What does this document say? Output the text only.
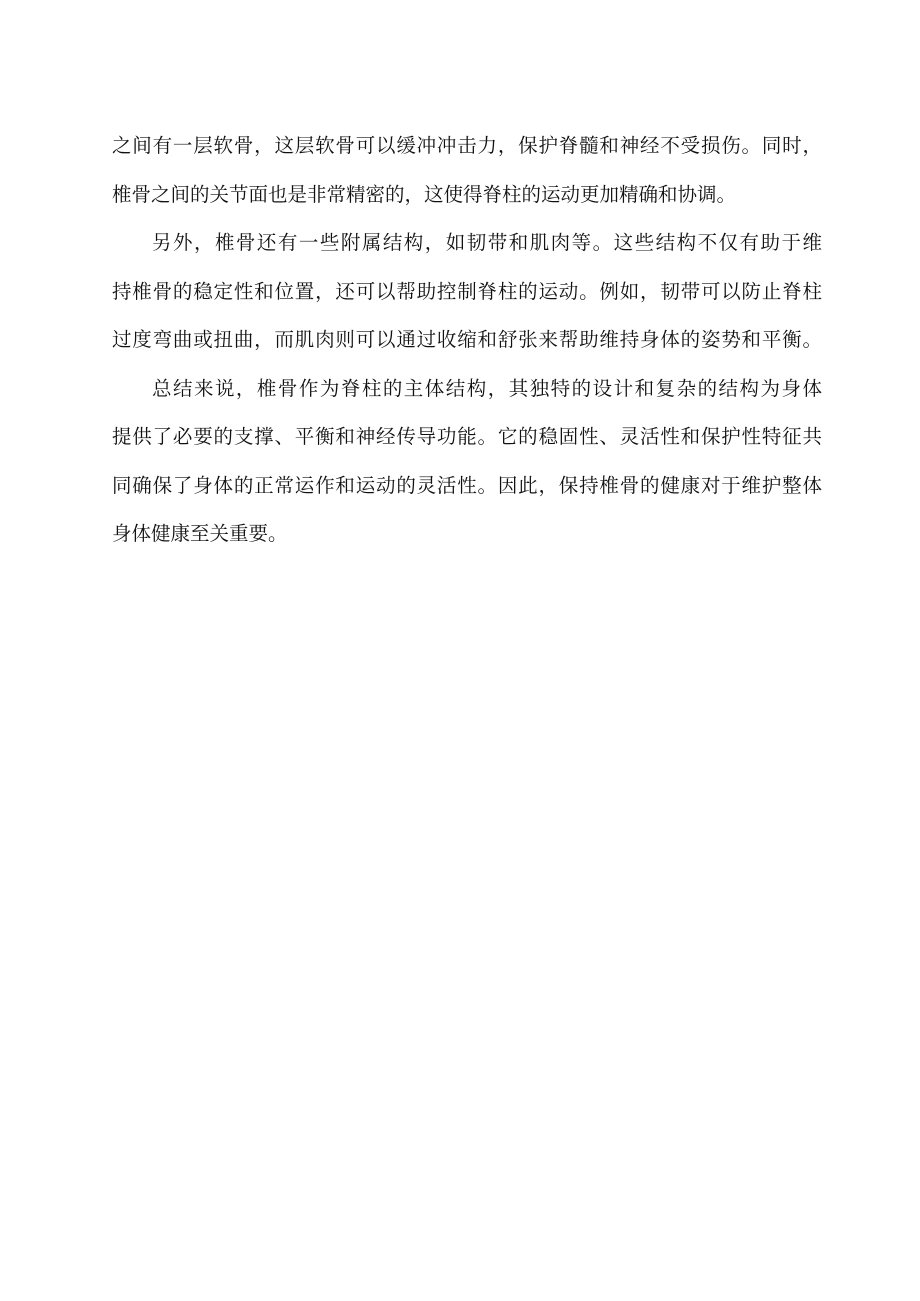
之间有一层软骨，这层软骨可以缓冲冲击力，保护脊髓和神经不受损伤。同时，
椎骨之间的关节面也是非常精密的，这使得脊柱的运动更加精确和协调。
另外，椎骨还有一些附属结构，如韧带和肌肉等。这些结构不仅有助于维
持椎骨的稳定性和位置，还可以帮助控制脊柱的运动。例如，韧带可以防止脊柱
过度弯曲或扭曲，而肌肉则可以通过收缩和舒张来帮助维持身体的姿势和平衡。
总结来说，椎骨作为脊柱的主体结构，其独特的设计和复杂的结构为身体
提供了必要的支撑、平衡和神经传导功能。它的稳固性、灵活性和保护性特征共
同确保了身体的正常运作和运动的灵活性。因此，保持椎骨的健康对于维护整体
身体健康至关重要。
